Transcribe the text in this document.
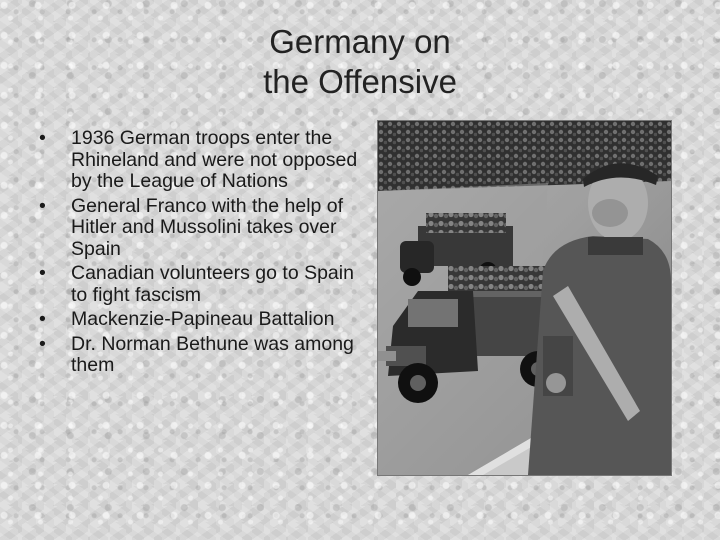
Germany on
the Offensive
• 1936 German troops enter the Rhineland and were not opposed by the League of Nations
• General Franco with the help of Hitler and Mussolini takes over Spain
• Canadian volunteers go to Spain to fight fascism
• Mackenzie-Papineau Battalion
• Dr. Norman Bethune was among them
